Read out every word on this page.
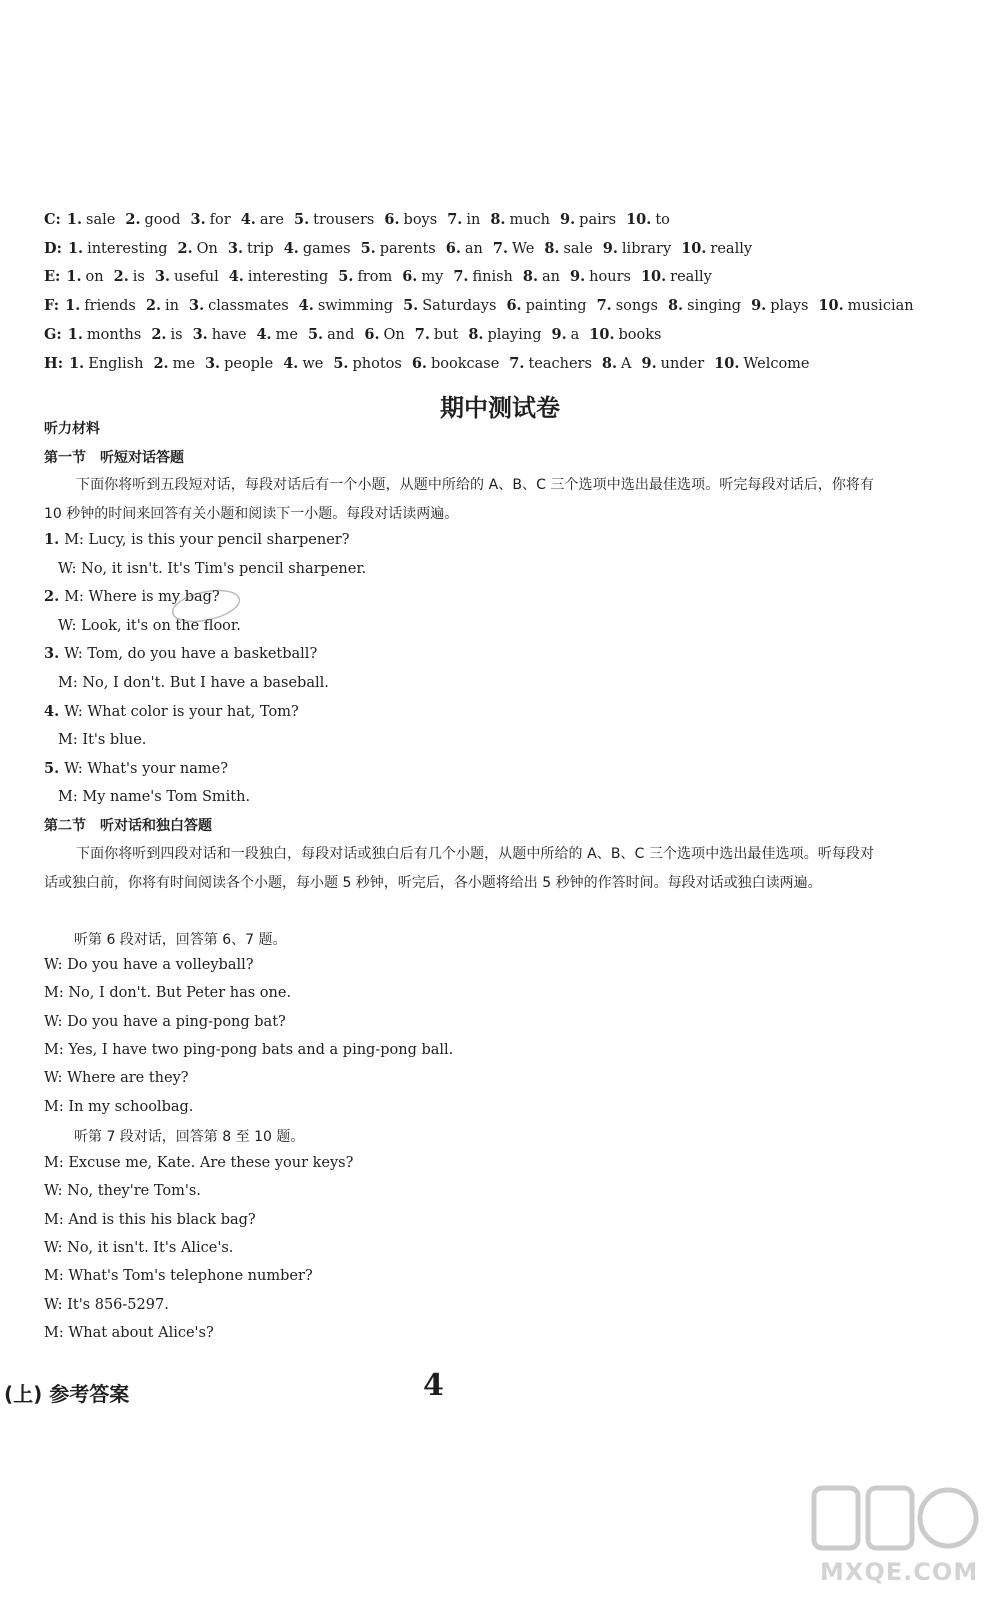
C: 1. sale 2. good 3. for 4. are 5. trousers 6. boys 7. in 8. much 9. pairs 10. to
D: 1. interesting 2. On 3. trip 4. games 5. parents 6. an 7. We 8. sale 9. library 10. really
E: 1. on 2. is 3. useful 4. interesting 5. from 6. my 7. finish 8. an 9. hours 10. really
F: 1. friends 2. in 3. classmates 4. swimming 5. Saturdays 6. painting 7. songs 8. singing 9. plays 10. musician
G: 1. months 2. is 3. have 4. me 5. and 6. On 7. but 8. playing 9. a 10. books
H: 1. English 2. me 3. people 4. we 5. photos 6. bookcase 7. teachers 8. A 9. under 10. Welcome
期中测试卷
听力材料
第一节　听短对话答题
下面你将听到五段短对话，每段对话后有一个小题，从题中所给的 A、B、C 三个选项中选出最佳选项。听完每段对话后，你将有 10 秒钟的时间来回答有关小题和阅读下一小题。每段对话读两遍。
1. M: Lucy, is this your pencil sharpener?
W: No, it isn't. It's Tim's pencil sharpener.
2. M: Where is my bag?
W: Look, it's on the floor.
3. W: Tom, do you have a basketball?
M: No, I don't. But I have a baseball.
4. W: What color is your hat, Tom?
M: It's blue.
5. W: What's your name?
M: My name's Tom Smith.
第二节　听对话和独白答题
下面你将听到四段对话和一段独白，每段对话或独白后有几个小题，从题中所给的 A、B、C 三个选项中选出最佳选项。听每段对话或独白前，你将有时间阅读各个小题，每小题 5 秒钟，听完后，各小题将给出 5 秒钟的作答时间。每段对话或独白读两遍。
听第 6 段对话，回答第 6、7 题。
W: Do you have a volleyball?
M: No, I don't. But Peter has one.
W: Do you have a ping-pong bat?
M: Yes, I have two ping-pong bats and a ping-pong ball.
W: Where are they?
M: In my schoolbag.
听第 7 段对话，回答第 8 至 10 题。
M: Excuse me, Kate. Are these your keys?
W: No, they're Tom's.
M: And is this his black bag?
W: No, it isn't. It's Alice's.
M: What's Tom's telephone number?
W: It's 856-5297.
M: What about Alice's?
(上) 参考答案	4
MXQE.COM
